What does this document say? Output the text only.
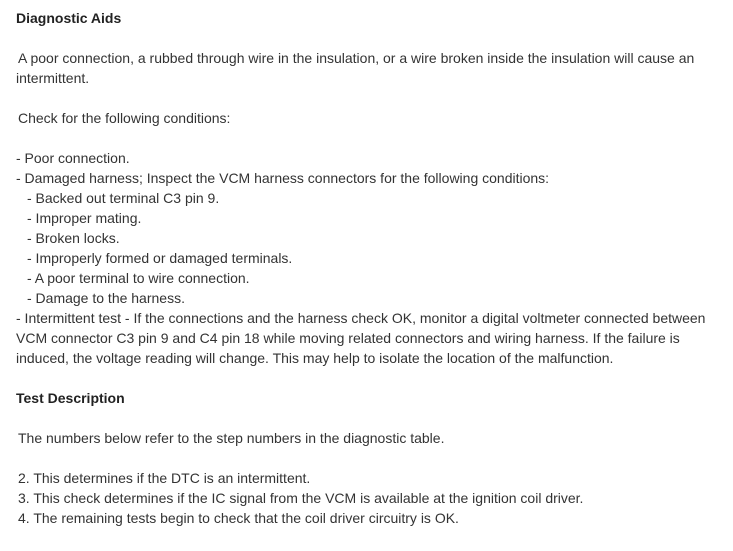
Diagnostic Aids
A poor connection, a rubbed through wire in the insulation, or a wire broken inside the insulation will cause an
intermittent.
Check for the following conditions:
- Poor connection.
- Damaged harness; Inspect the VCM harness connectors for the following conditions:
- Backed out terminal C3 pin 9.
- Improper mating.
- Broken locks.
- Improperly formed or damaged terminals.
- A poor terminal to wire connection.
- Damage to the harness.
- Intermittent test - If the connections and the harness check OK, monitor a digital voltmeter connected between
VCM connector C3 pin 9 and C4 pin 18 while moving related connectors and wiring harness. If the failure is
induced, the voltage reading will change. This may help to isolate the location of the malfunction.
Test Description
The numbers below refer to the step numbers in the diagnostic table.
2. This determines if the DTC is an intermittent.
3. This check determines if the IC signal from the VCM is available at the ignition coil driver.
4. The remaining tests begin to check that the coil driver circuitry is OK.
